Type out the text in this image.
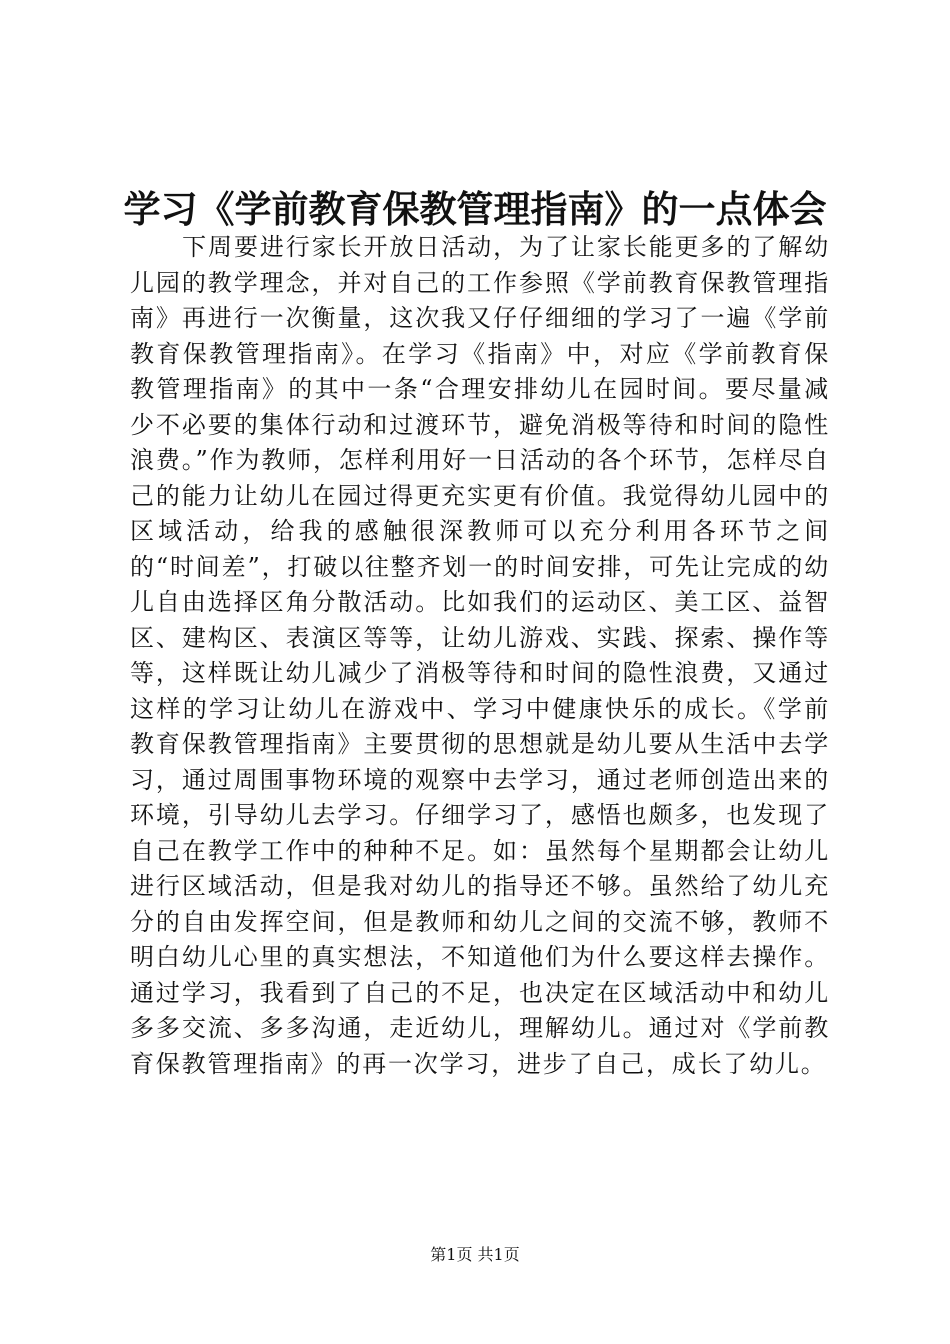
学习《学前教育保教管理指南》的一点体会

下周要进行家长开放日活动，为了让家长能更多的了解幼儿园的教学理念，并对自己的工作参照《学前教育保教管理指南》再进行一次衡量，这次我又仔仔细细的学习了一遍《学前教育保教管理指南》。在学习《指南》中，对应《学前教育保教管理指南》的其中一条“合理安排幼儿在园时间。要尽量减少不必要的集体行动和过渡环节，避免消极等待和时间的隐性浪费。”作为教师，怎样利用好一日活动的各个环节，怎样尽自己的能力让幼儿在园过得更充实更有价值。我觉得幼儿园中的区域活动，给我的感触很深教师可以充分利用各环节之间的“时间差”，打破以往整齐划一的时间安排，可先让完成的幼儿自由选择区角分散活动。比如我们的运动区、美工区、益智区、建构区、表演区等等，让幼儿游戏、实践、探索、操作等等，这样既让幼儿减少了消极等待和时间的隐性浪费，又通过这样的学习让幼儿在游戏中、学习中健康快乐的成长。《学前教育保教管理指南》主要贯彻的思想就是幼儿要从生活中去学习，通过周围事物环境的观察中去学习，通过老师创造出来的环境，引导幼儿去学习。仔细学习了，感悟也颇多，也发现了自己在教学工作中的种种不足。如：虽然每个星期都会让幼儿进行区域活动，但是我对幼儿的指导还不够。虽然给了幼儿充分的自由发挥空间，但是教师和幼儿之间的交流不够，教师不明白幼儿心里的真实想法，不知道他们为什么要这样去操作。通过学习，我看到了自己的不足，也决定在区域活动中和幼儿多多交流、多多沟通，走近幼儿，理解幼儿。通过对《学前教育保教管理指南》的再一次学习，进步了自己，成长了幼儿。

第1页 共1页
